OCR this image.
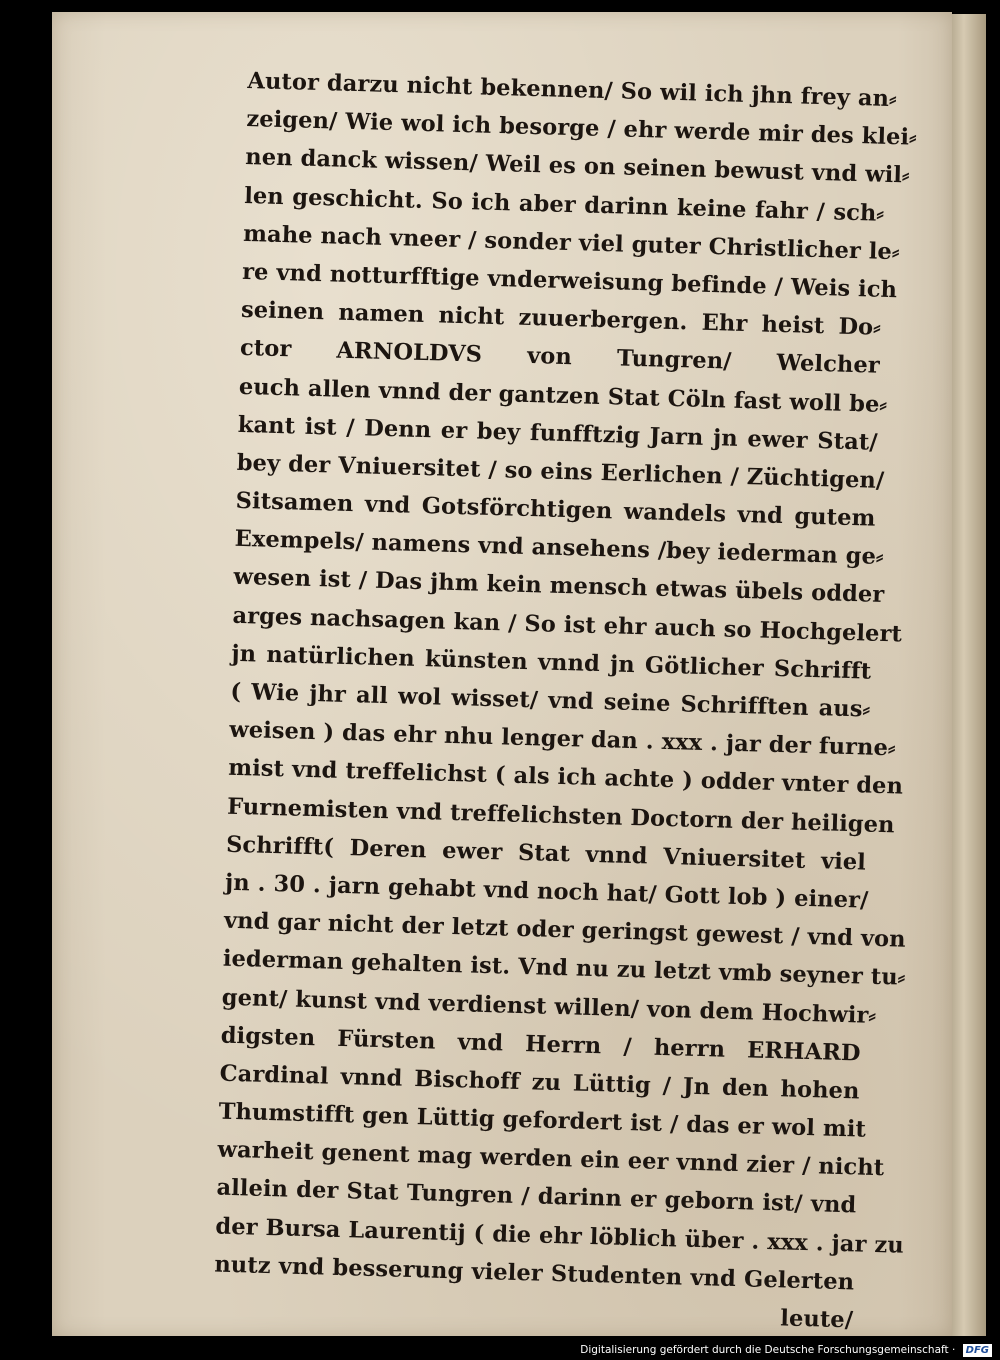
Autor darzu nicht bekennen/ So wil ich jhn frey an⸗
zeigen/ Wie wol ich besorge / ehr werde mir des klei⸗
nen danck wissen/ Weil es on seinen bewust vnd wil⸗
len geschicht. So ich aber darinn keine fahr / sch⸗
mahe nach vneer / sonder viel guter Christlicher le⸗
re vnd notturfftige vnderweisung befinde / Weis ich
seinen namen nicht zuuerbergen. Ehr heist Do⸗
ctor ARNOLDVS von Tungren/ Welcher
euch allen vnnd der gantzen Stat Cöln fast woll be⸗
kant ist / Denn er bey funfftzig Jarn jn ewer Stat/
bey der Vniuersitet / so eins Eerlichen / Züchtigen/
Sitsamen vnd Gotsförchtigen wandels vnd gutem
Exempels/ namens vnd ansehens /bey iederman ge⸗
wesen ist / Das jhm kein mensch etwas übels odder
arges nachsagen kan / So ist ehr auch so Hochgelert
jn natürlichen künsten vnnd jn Götlicher Schrifft
( Wie jhr all wol wisset/ vnd seine Schrifften aus⸗
weisen ) das ehr nhu lenger dan . xxx . jar der furne⸗
mist vnd treffelichst ( als ich achte ) odder vnter den
Furnemisten vnd treffelichsten Doctorn der heiligen
Schrifft( Deren ewer Stat vnnd Vniuersitet viel
jn . 30 . jarn gehabt vnd noch hat/ Gott lob ) einer/
vnd gar nicht der letzt oder geringst gewest / vnd von
iederman gehalten ist. Vnd nu zu letzt vmb seyner tu⸗
gent/ kunst vnd verdienst willen/ von dem Hochwir⸗
digsten Fürsten vnd Herrn / herrn ERHARD
Cardinal vnnd Bischoff zu Lüttig / Jn den hohen
Thumstifft gen Lüttig gefordert ist / das er wol mit
warheit genent mag werden ein eer vnnd zier / nicht
allein der Stat Tungren / darinn er geborn ist/ vnd
der Bursa Laurentij ( die ehr löblich über . xxx . jar zu
nutz vnd besserung vieler Studenten vnd Gelerten
leute/
Digitalisierung gefördert durch die Deutsche Forschungsgemeinschaft · DFG
